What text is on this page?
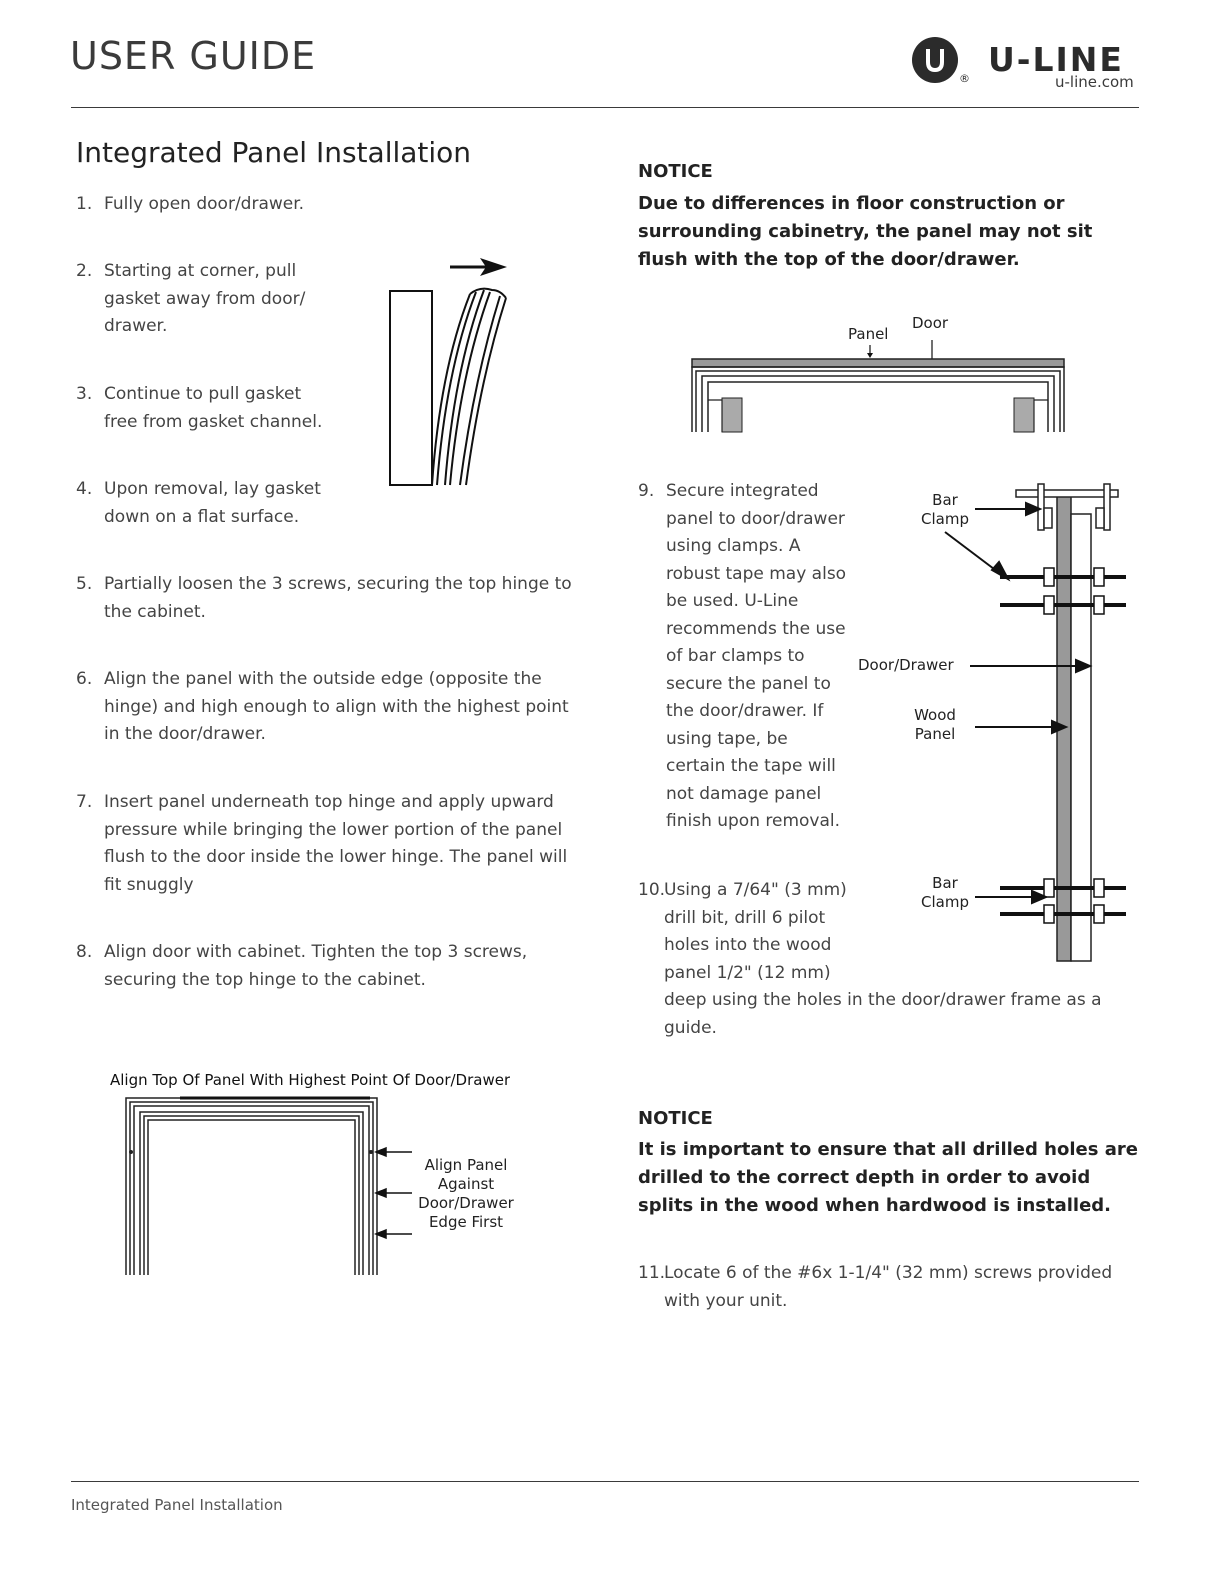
USER GUIDE
® U-LINE
u-line.com
Integrated Panel Installation
1. Fully open door/drawer.
2. Starting at corner, pull
gasket away from door/
drawer.
3. Continue to pull gasket
free from gasket channel.
4. Upon removal, lay gasket
down on a flat surface.
5. Partially loosen the 3 screws, securing the top hinge to
the cabinet.
6. Align the panel with the outside edge (opposite the
hinge) and high enough to align with the highest point
in the door/drawer.
7. Insert panel underneath top hinge and apply upward
pressure while bringing the lower portion of the panel
flush to the door inside the lower hinge. The panel will
fit snuggly
8. Align door with cabinet. Tighten the top 3 screws,
securing the top hinge to the cabinet.
Align Top Of Panel With Highest Point Of Door/Drawer
Align Panel
Against
Door/Drawer
Edge First
NOTICE
Due to differences in floor construction or
surrounding cabinetry, the panel may not sit
flush with the top of the door/drawer.
Panel
Door
9. Secure integrated
panel to door/drawer
using clamps. A
robust tape may also
be used. U-Line
recommends the use
of bar clamps to
secure the panel to
the door/drawer. If
using tape, be
certain the tape will
not damage panel
finish upon removal.
10.
Using a 7/64" (3 mm)
drill bit, drill 6 pilot
holes into the wood
panel 1/2" (12 mm)
deep using the holes in the door/drawer frame as a
guide.
Bar
Clamp
Door/Drawer
Wood
Panel
Bar
Clamp
NOTICE
It is important to ensure that all drilled holes are
drilled to the correct depth in order to avoid
splits in the wood when hardwood is installed.
11.
Locate 6 of the #6x 1-1/4" (32 mm) screws provided
with your unit.
Integrated Panel Installation
